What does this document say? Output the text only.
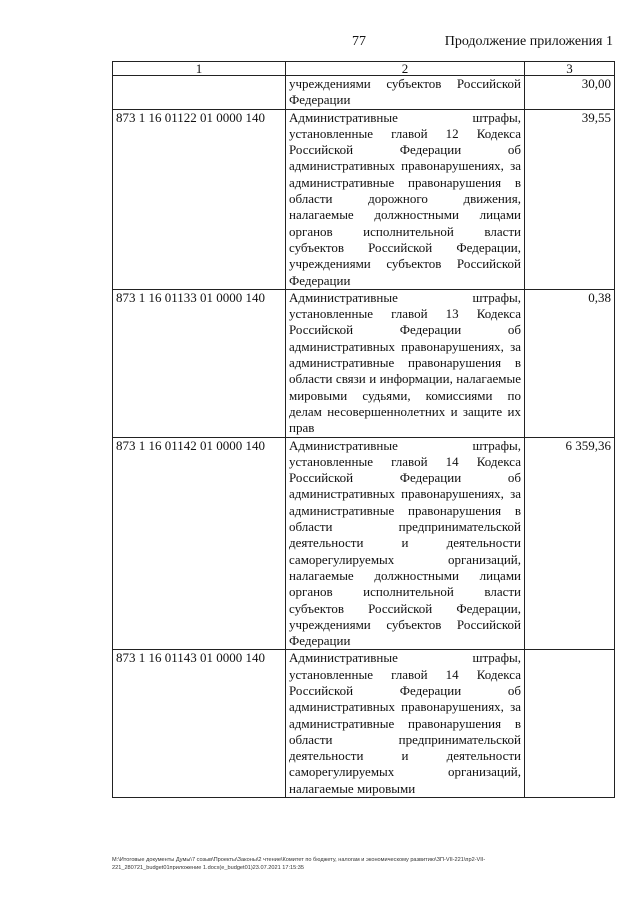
77	Продолжение приложения 1
1	2	3
	учреждениями субъектов Российской Федерации	30,00
873 1 16 01122 01 0000 140	Административные штрафы, установленные главой 12 Кодекса Российской Федерации об административных правонарушениях, за административные правонарушения в области дорожного движения, налагаемые должностными лицами органов исполнительной власти субъектов Российской Федерации, учреждениями субъектов Российской Федерации	39,55
873 1 16 01133 01 0000 140	Административные штрафы, установленные главой 13 Кодекса Российской Федерации об административных правонарушениях, за административные правонарушения в области связи и информации, налагаемые мировыми судьями, комиссиями по делам несовершеннолетних и защите их прав	0,38
873 1 16 01142 01 0000 140	Административные штрафы, установленные главой 14 Кодекса Российской Федерации об административных правонарушениях, за административные правонарушения в области предпринимательской деятельности и деятельности саморегулируемых организаций, налагаемые должностными лицами органов исполнительной власти субъектов Российской Федерации, учреждениями субъектов Российской Федерации	6 359,36
873 1 16 01143 01 0000 140	Административные штрафы, установленные главой 14 Кодекса Российской Федерации об административных правонарушениях, за административные правонарушения в области предпринимательской деятельности и деятельности саморегулируемых организаций, налагаемые мировыми	
M:\Итоговые документы Думы\7 созыв\Проекты\Законы\2 чтение\Комитет по бюджету, налогам и экономическому развитию\ЗП-VII-221\пр2-VII-
221_280721_budget01приложение 1.docx(e_budget01)23.07.2021 17:15:35
